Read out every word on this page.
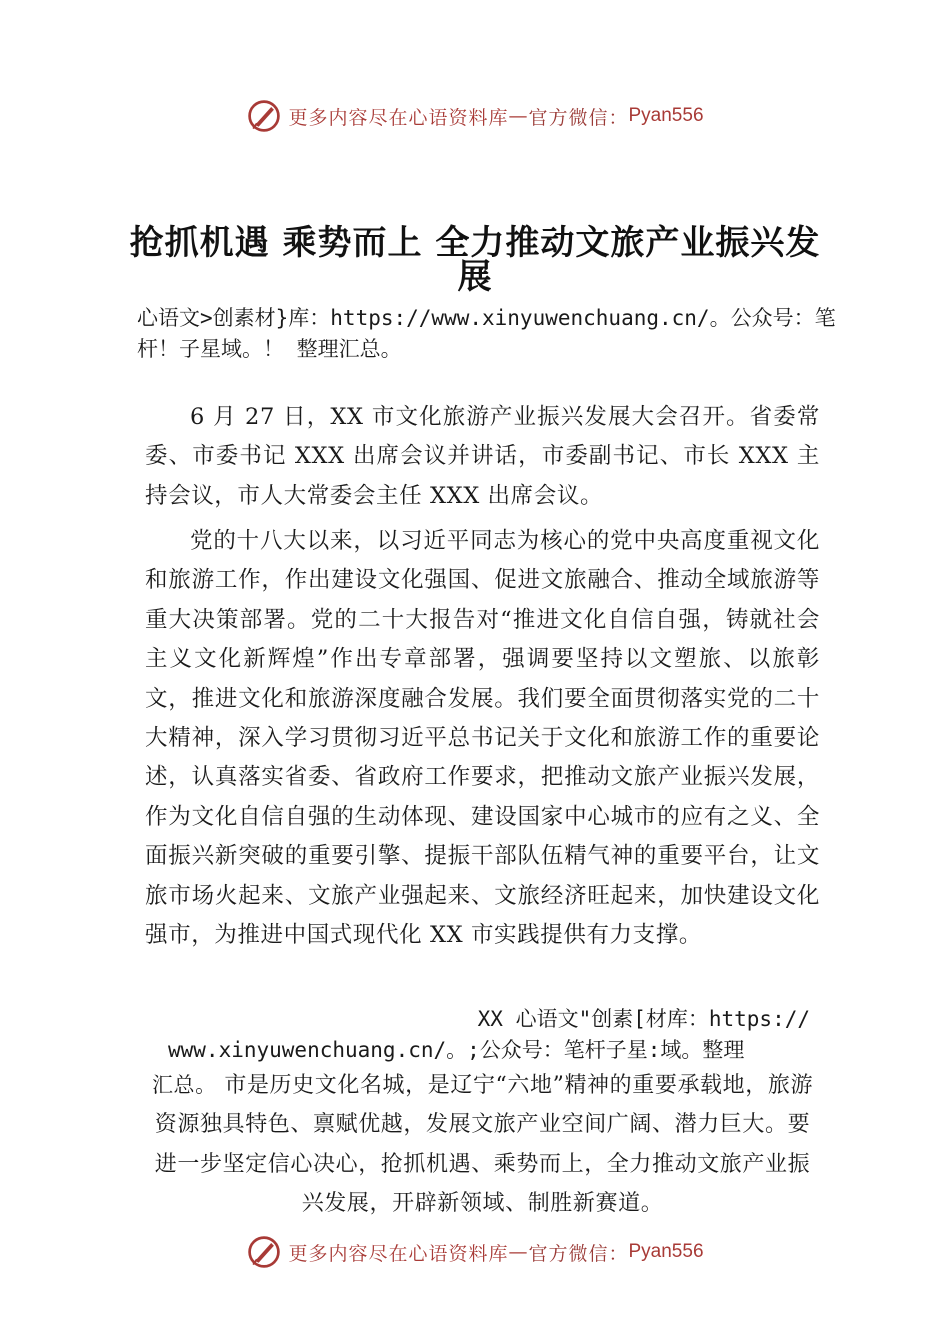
更多内容尽在心语资料库 — 官方微信： Pyan556
抢抓机遇 乘势而上 全力推动文旅产业振兴发展
心语文>创素材}库：https://www.xinyuwenchuang.cn/。公众号：笔杆！子星域。！ 整理汇总。

6 月 27 日，XX 市文化旅游产业振兴发展大会召开。省委常委、市委书记 XXX 出席会议并讲话，市委副书记、市长 XXX 主持会议，市人大常委会主任 XXX 出席会议。

党的十八大以来，以习近平同志为核心的党中央高度重视文化和旅游工作，作出建设文化强国、促进文旅融合、推动全域旅游等重大决策部署。党的二十大报告对“推进文化自信自强，铸就社会主义文化新辉煌”作出专章部署，强调要坚持以文塑旅、以旅彰文，推进文化和旅游深度融合发展。我们要全面贯彻落实党的二十大精神，深入学习贯彻习近平总书记关于文化和旅游工作的重要论述，认真落实省委、省政府工作要求，把推动文旅产业振兴发展，作为文化自信自强的生动体现、建设国家中心城市的应有之义、全面振兴新突破的重要引擎、提振干部队伍精气神的重要平台，让文旅市场火起来、文旅产业强起来、文旅经济旺起来，加快建设文化强市，为推进中国式现代化 XX 市实践提供有力支撑。

XX 心语文"创素[材库：https://
www.xinyuwenchuang.cn/。;公众号：笔杆子星:域。整理

汇总。 市是历史文化名城，是辽宁“六地”精神的重要承载地，旅游资源独具特色、禀赋优越，发展文旅产业空间广阔、潜力巨大。要进一步坚定信心决心，抢抓机遇、乘势而上，全力推动文旅产业振兴发展，开辟新领域、制胜新赛道。

更多内容尽在心语资料库 — 官方微信： Pyan556
